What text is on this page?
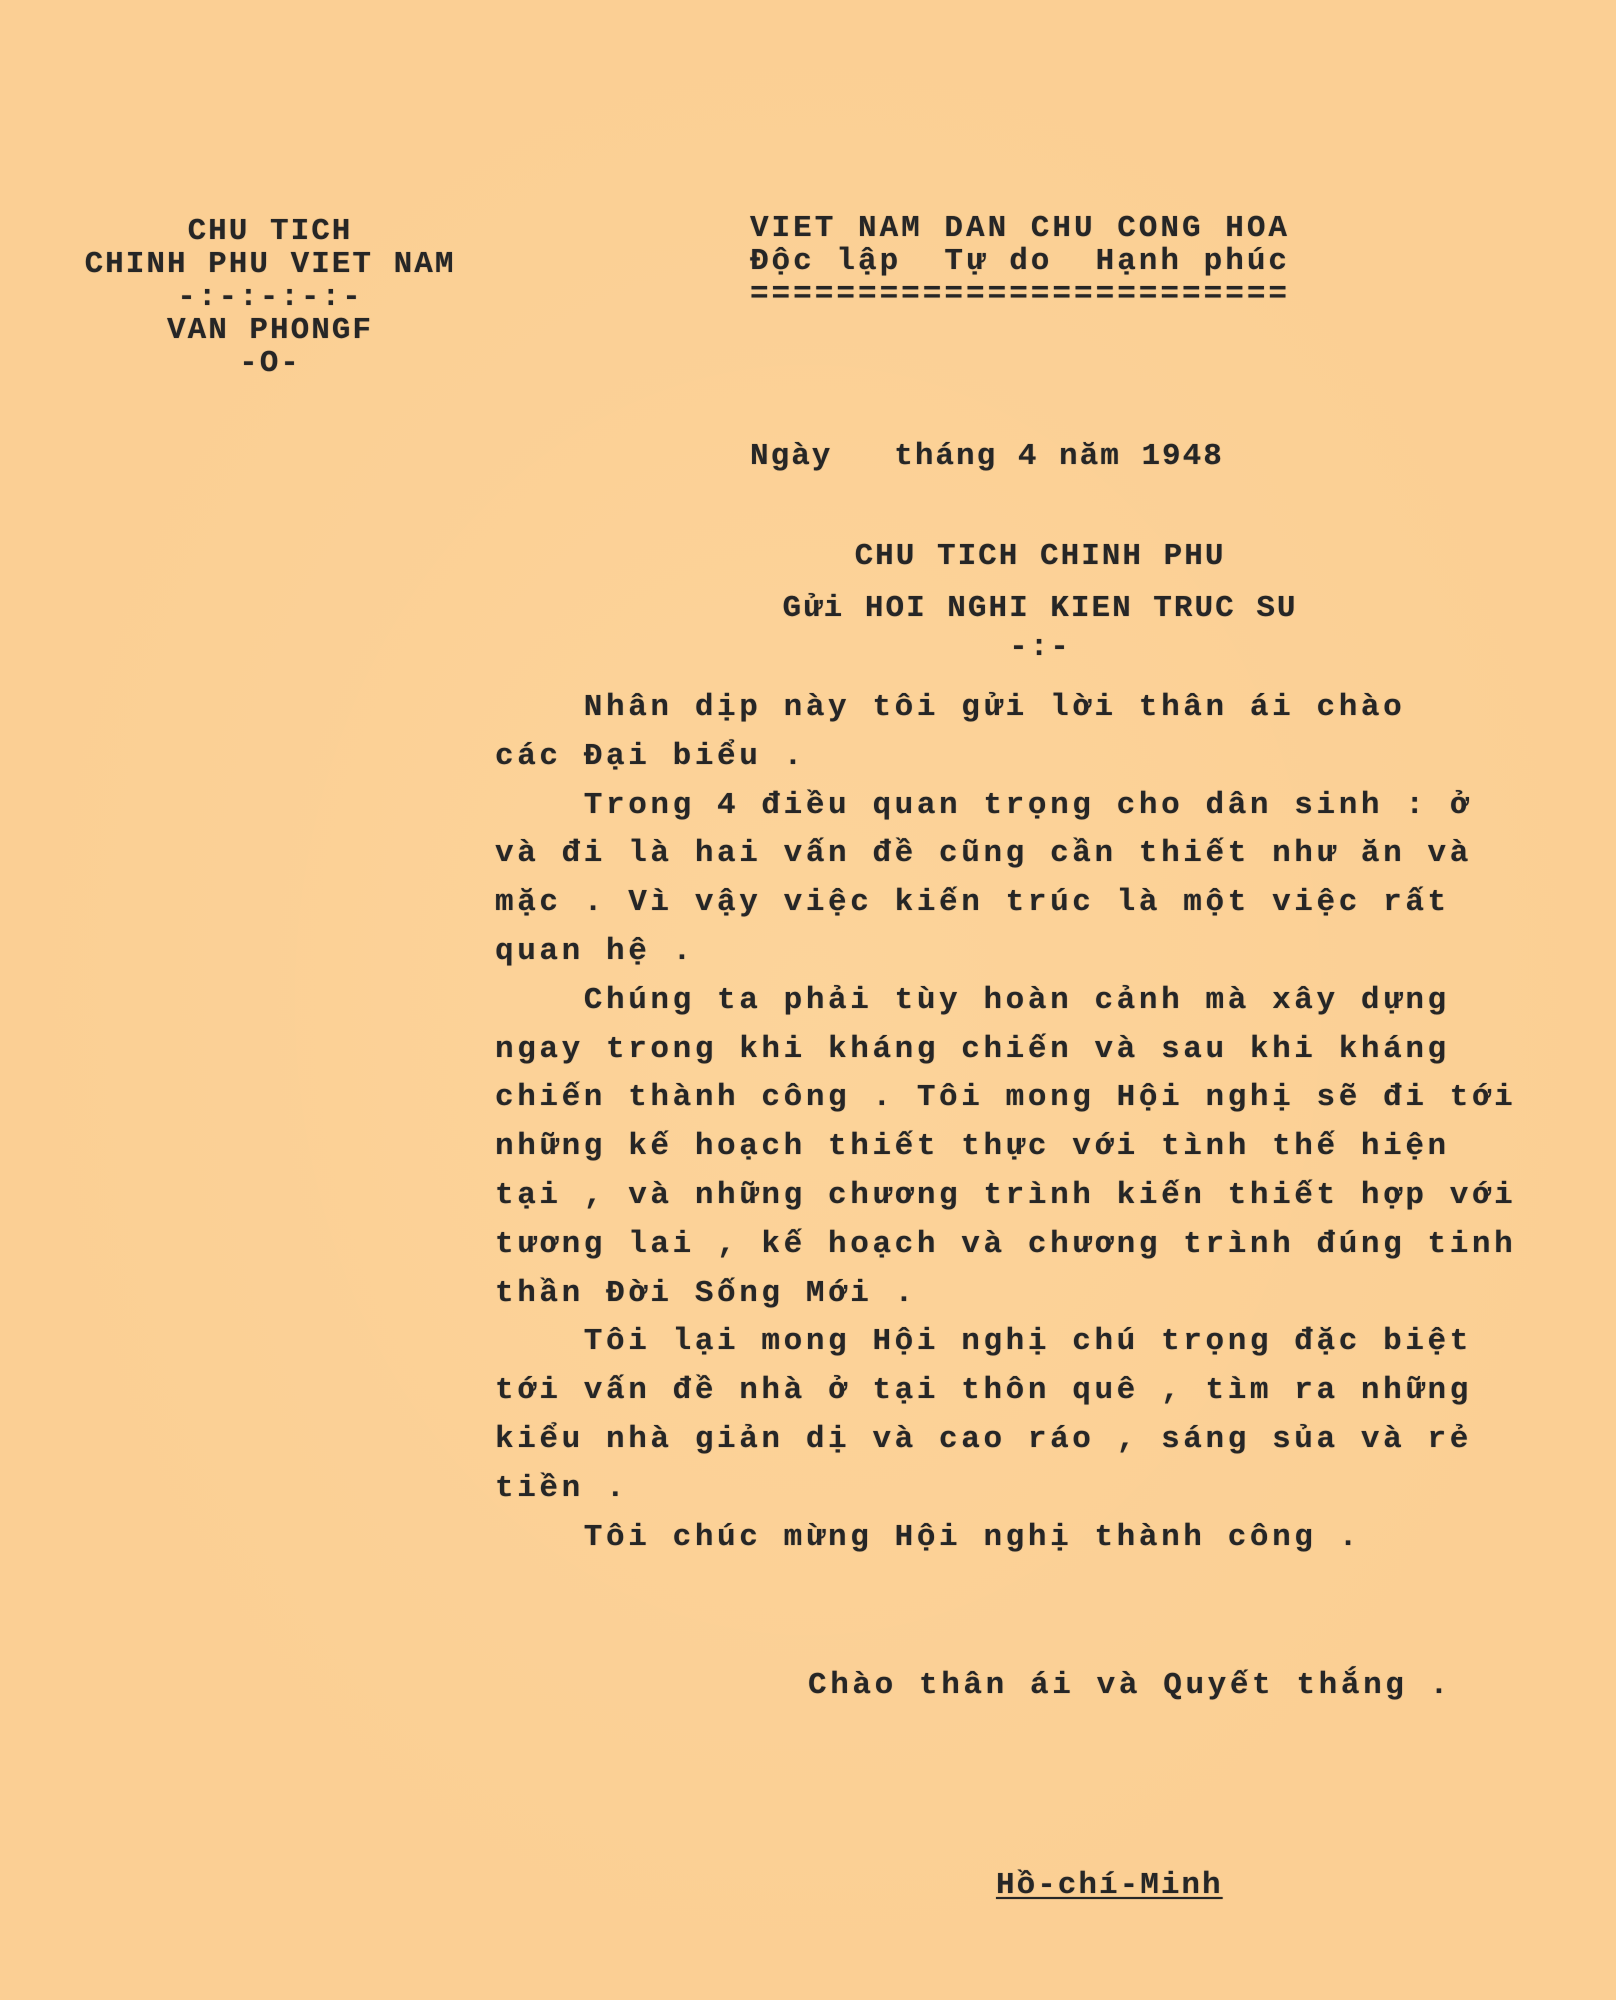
CHU TICH
CHINH PHU VIET NAM
-:-:-:-:-
VAN PHONGF
-O-
VIET NAM DAN CHU CONG HOA
Độc lập  Tự do  Hạnh phúc
=========================
Ngày   tháng 4 năm 1948
CHU TICH CHINH PHU
Gửi HOI NGHI KIEN TRUC SU
-:-
Nhân dịp này tôi gửi lời thân ái chào
các Đại biểu .
Trong 4 điều quan trọng cho dân sinh : ở
và đi là hai vấn đề cũng cần thiết như ăn và
mặc . Vì vậy việc kiến trúc là một việc rất
quan hệ .
Chúng ta phải tùy hoàn cảnh mà xây dựng
ngay trong khi kháng chiến và sau khi kháng
chiến thành công . Tôi mong Hội nghị sẽ đi tới
những kế hoạch thiết thực với tình thế hiện
tại , và những chương trình kiến thiết hợp với
tương lai , kế hoạch và chương trình đúng tinh
thần Đời Sống Mới .
Tôi lại mong Hội nghị chú trọng đặc biệt
tới vấn đề nhà ở tại thôn quê , tìm ra những
kiểu nhà giản dị và cao ráo , sáng sủa và rẻ
tiền .
Tôi chúc mừng Hội nghị thành công .
Chào thân ái và Quyết thắng .
Hồ-chí-Minh
